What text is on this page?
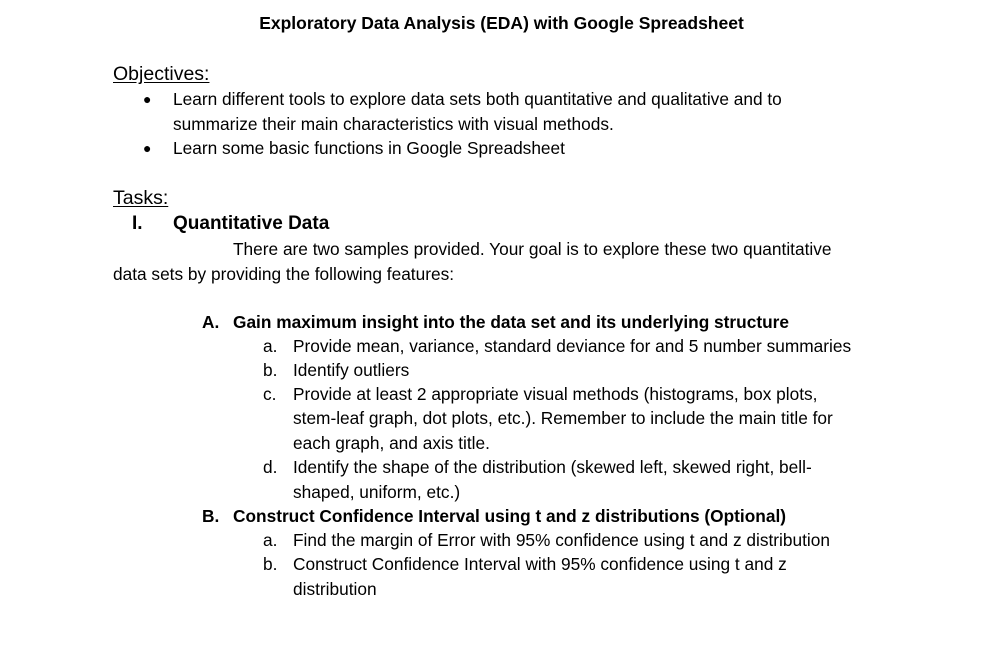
Exploratory Data Analysis (EDA) with Google Spreadsheet
Objectives:
● Learn different tools to explore data sets both quantitative and qualitative and to
summarize their main characteristics with visual methods.
● Learn some basic functions in Google Spreadsheet
Tasks:
I. Quantitative Data
There are two samples provided. Your goal is to explore these two quantitative
data sets by providing the following features:
A. Gain maximum insight into the data set and its underlying structure
a. Provide mean, variance, standard deviance for and 5 number summaries
b. Identify outliers
c. Provide at least 2 appropriate visual methods (histograms, box plots,
stem-leaf graph, dot plots, etc.). Remember to include the main title for
each graph, and axis title.
d. Identify the shape of the distribution (skewed left, skewed right, bell-
shaped, uniform, etc.)
B. Construct Confidence Interval using t and z distributions (Optional)
a. Find the margin of Error with 95% confidence using t and z distribution
b. Construct Confidence Interval with 95% confidence using t and z
distribution
